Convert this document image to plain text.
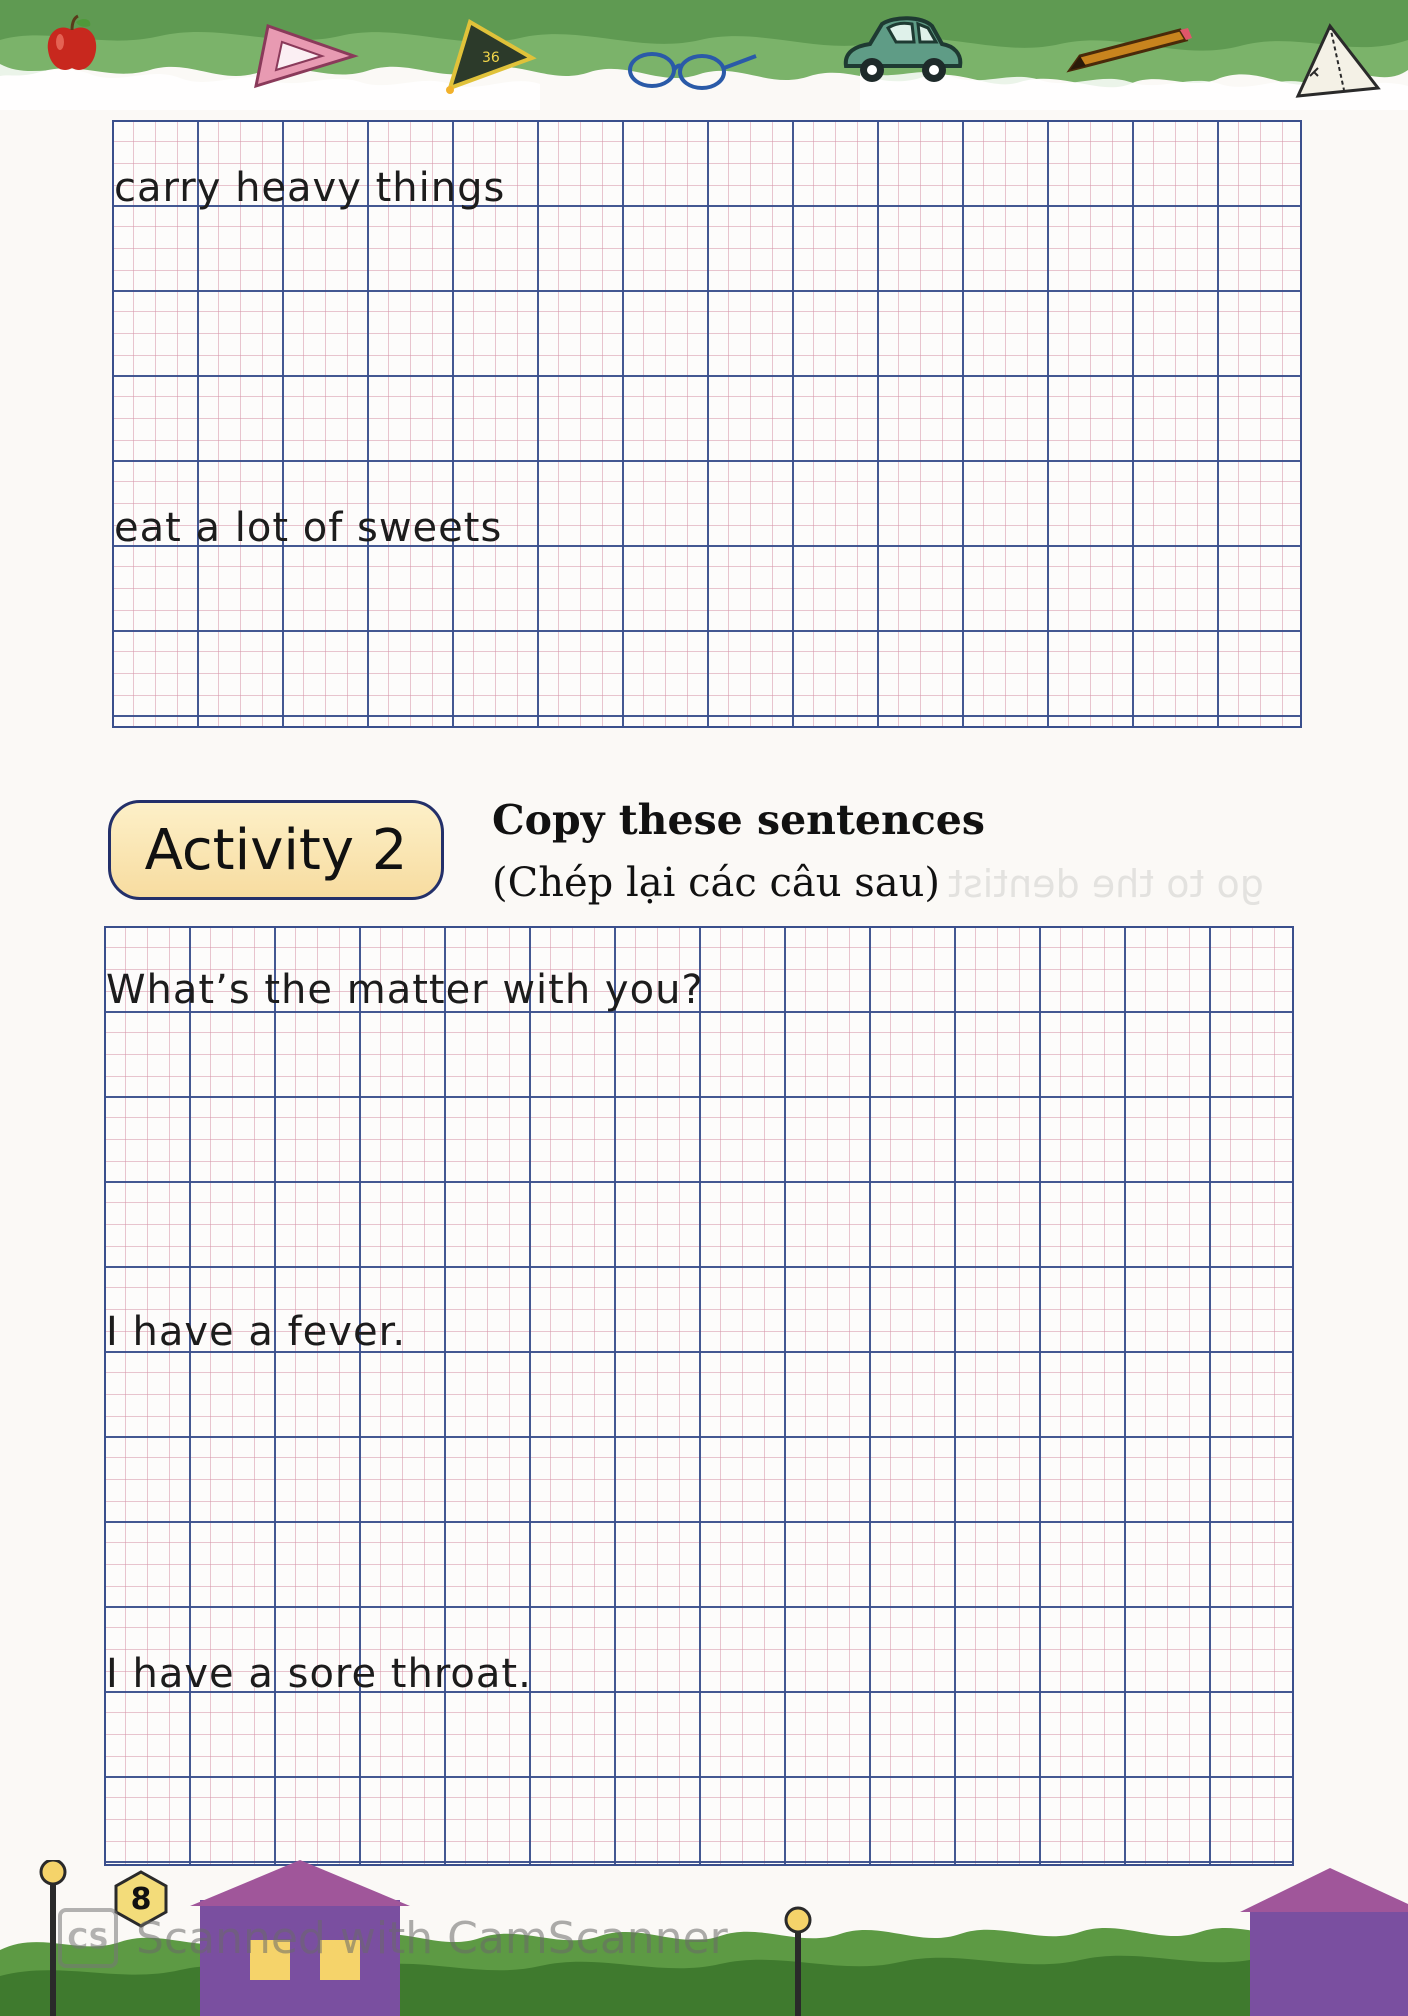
36
carry heavy things
eat a lot of sweets
Activity 2	Copy these sentences
(Chép lại các câu sau) go to the dentist
What’s the matter with you?
I have a fever.
I have a sore throat.
8
CS Scanned with CamScanner
